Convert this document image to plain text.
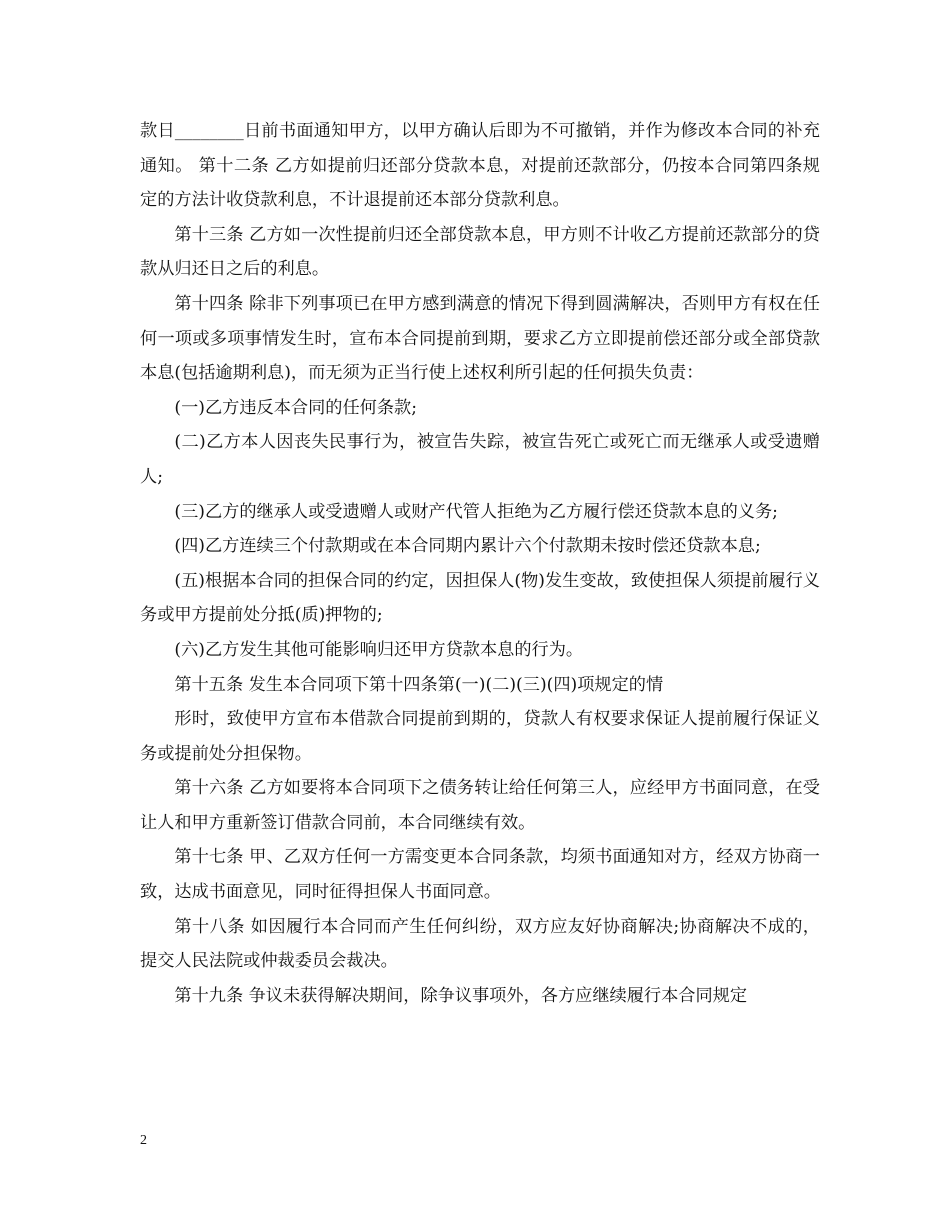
款日________日前书面通知甲方，以甲方确认后即为不可撤销，并作为修改本合同的补充通知。 第十二条 乙方如提前归还部分贷款本息，对提前还款部分，仍按本合同第四条规定的方法计收贷款利息，不计退提前还本部分贷款利息。

第十三条 乙方如一次性提前归还全部贷款本息，甲方则不计收乙方提前还款部分的贷款从归还日之后的利息。

第十四条 除非下列事项已在甲方感到满意的情况下得到圆满解决，否则甲方有权在任何一项或多项事情发生时，宣布本合同提前到期，要求乙方立即提前偿还部分或全部贷款本息(包括逾期利息)，而无须为正当行使上述权利所引起的任何损失负责：

(一)乙方违反本合同的任何条款;

(二)乙方本人因丧失民事行为，被宣告失踪，被宣告死亡或死亡而无继承人或受遗赠人;

(三)乙方的继承人或受遗赠人或财产代管人拒绝为乙方履行偿还贷款本息的义务;

(四)乙方连续三个付款期或在本合同期内累计六个付款期未按时偿还贷款本息;

(五)根据本合同的担保合同的约定，因担保人(物)发生变故，致使担保人须提前履行义务或甲方提前处分抵(质)押物的;

(六)乙方发生其他可能影响归还甲方贷款本息的行为。

第十五条 发生本合同项下第十四条第(一)(二)(三)(四)项规定的情

形时，致使甲方宣布本借款合同提前到期的，贷款人有权要求保证人提前履行保证义务或提前处分担保物。

第十六条 乙方如要将本合同项下之债务转让给任何第三人，应经甲方书面同意，在受让人和甲方重新签订借款合同前，本合同继续有效。

第十七条 甲、乙双方任何一方需变更本合同条款，均须书面通知对方，经双方协商一致，达成书面意见，同时征得担保人书面同意。

第十八条 如因履行本合同而产生任何纠纷，双方应友好协商解决;协商解决不成的，提交人民法院或仲裁委员会裁决。

第十九条 争议未获得解决期间，除争议事项外，各方应继续履行本合同规定

2
